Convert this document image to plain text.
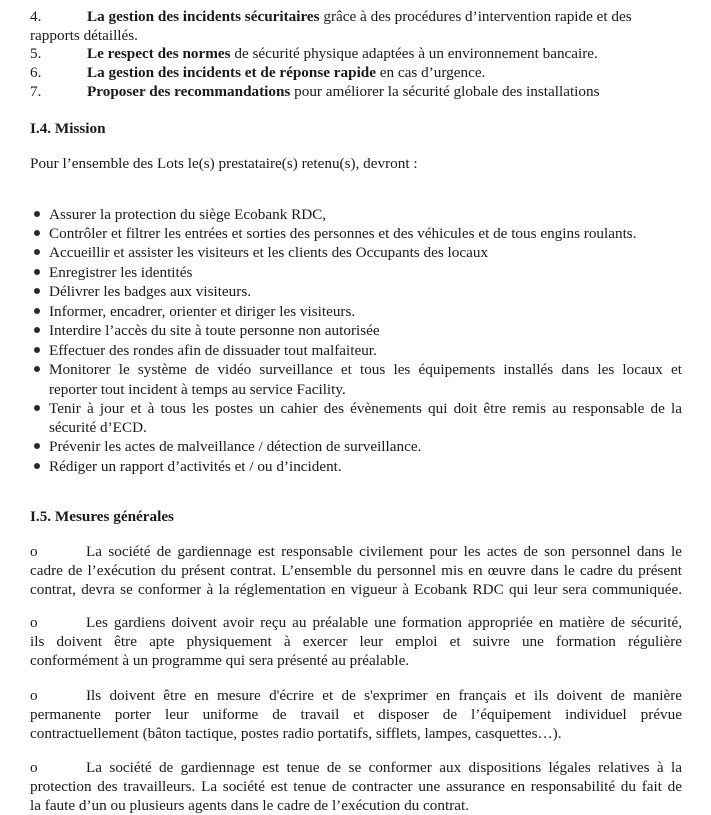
4.	La gestion des incidents sécuritaires grâce à des procédures d’intervention rapide et des
rapports détaillés.
5.	Le respect des normes de sécurité physique adaptées à un environnement bancaire.
6.	La gestion des incidents et de réponse rapide en cas d’urgence.
7.	Proposer des recommandations pour améliorer la sécurité globale des installations
I.4. Mission
Pour l’ensemble des Lots le(s) prestataire(s) retenu(s), devront :
Assurer la protection du siège Ecobank RDC,
Contrôler et filtrer les entrées et sorties des personnes et des véhicules et de tous engins roulants.
Accueillir et assister les visiteurs et les clients des Occupants des locaux
Enregistrer les identités
Délivrer les badges aux visiteurs.
Informer, encadrer, orienter et diriger les visiteurs.
Interdire l’accès du site à toute personne non autorisée
Effectuer des rondes afin de dissuader tout malfaiteur.
Monitorer le système de vidéo surveillance et tous les équipements installés dans les locaux et
reporter tout incident à temps au service Facility.
Tenir à jour et à tous les postes un cahier des évènements qui doit être remis au responsable de la
sécurité d’ECD.
Prévenir les actes de malveillance / détection de surveillance.
Rédiger un rapport d’activités et / ou d’incident.
I.5. Mesures générales
o	La société de gardiennage est responsable civilement pour les actes de son personnel dans le
cadre de l’exécution du présent contrat. L’ensemble du personnel mis en œuvre dans le cadre du présent
contrat, devra se conformer à la réglementation en vigueur à Ecobank RDC qui leur sera communiquée.
o	Les gardiens doivent avoir reçu au préalable une formation appropriée en matière de sécurité,
ils doivent être apte physiquement à exercer leur emploi et suivre une formation régulière
conformément à un programme qui sera présenté au préalable.
o	Ils doivent être en mesure d'écrire et de s'exprimer en français et ils doivent de manière
permanente porter leur uniforme de travail et disposer de l’équipement individuel prévue
contractuellement (bâton tactique, postes radio portatifs, sifflets, lampes, casquettes…).
o	La société de gardiennage est tenue de se conformer aux dispositions légales relatives à la
protection des travailleurs. La société est tenue de contracter une assurance en responsabilité du fait de
la faute d’un ou plusieurs agents dans le cadre de l’exécution du contrat.
